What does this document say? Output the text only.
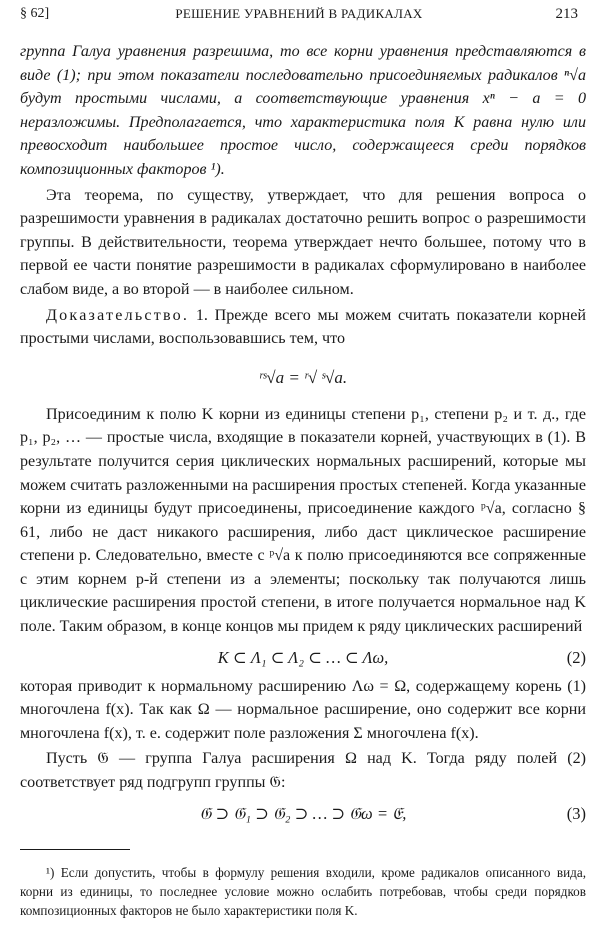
§ 62]	РЕШЕНИЕ УРАВНЕНИЙ В РАДИКАЛАХ	213

группа Галуа уравнения разрешима, то все корни уравнения представляются в виде (1); при этом показатели последовательно присоединяемых радикалов ⁿ√a будут простыми числами, а соответствующие уравнения xⁿ − a = 0 неразложимы. Предполагается, что характеристика поля K равна нулю или превосходит наибольшее простое число, содержащееся среди порядков композиционных факторов ¹).

Эта теорема, по существу, утверждает, что для решения вопроса о разрешимости уравнения в радикалах достаточно решить вопрос о разрешимости группы. В действительности, теорема утверждает нечто большее, потому что в первой ее части понятие разрешимости в радикалах сформулировано в наиболее слабом виде, а во второй — в наиболее сильном.

Доказательство. 1. Прежде всего мы можем считать показатели корней простыми числами, воспользовавшись тем, что

ʳˢ√a = ʳ√ ˢ√a.

Присоединим к полю K корни из единицы степени p₁, степени p₂ и т. д., где p₁, p₂, … — простые числа, входящие в показатели корней, участвующих в (1). В результате получится серия циклических нормальных расширений, которые мы можем считать разложенными на расширения простых степеней. Когда указанные корни из единицы будут присоединены, присоединение каждого ᵖ√a, согласно § 61, либо не даст никакого расширения, либо даст циклическое расширение степени p. Следовательно, вместе с ᵖ√a к полю присоединяются все сопряженные с этим корнем p-й степени из a элементы; поскольку так получаются лишь циклические расширения простой степени, в итоге получается нормальное над K поле. Таким образом, в конце концов мы придем к ряду циклических расширений

K ⊂ Λ₁ ⊂ Λ₂ ⊂ … ⊂ Λω,	(2)

которая приводит к нормальному расширению Λω = Ω, содержащему корень (1) многочлена f(x). Так как Ω — нормальное расширение, оно содержит все корни многочлена f(x), т. е. содержит поле разложения Σ многочлена f(x).

Пусть 𝔊 — группа Галуа расширения Ω над K. Тогда ряду полей (2) соответствует ряд подгрупп группы 𝔊:

𝔊 ⊃ 𝔊₁ ⊃ 𝔊₂ ⊃ … ⊃ 𝔊ω = 𝔈,	(3)

¹) Если допустить, чтобы в формулу решения входили, кроме радикалов описанного вида, корни из единицы, то последнее условие можно ослабить потребовав, чтобы среди порядков композиционных факторов не было характеристики поля K.
